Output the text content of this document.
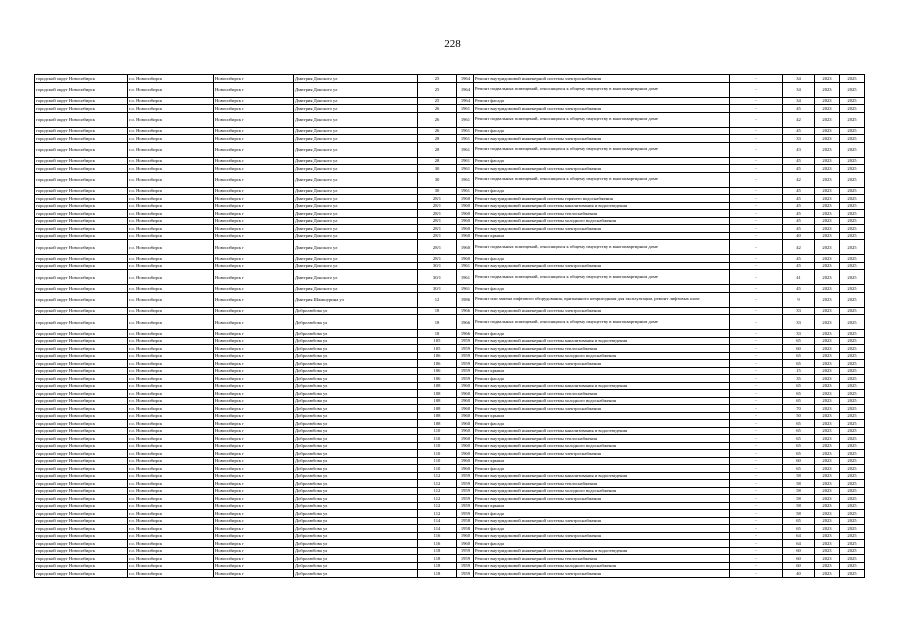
228
городской округ Новосибирск	г.о. Новосибирск	Новосибирск г	Дмитрия Донского ул	25	1964	Ремонт внутридомовой инженерной системы электроснабжения	-	34	2023	2025
городской округ Новосибирск	г.о. Новосибирск	Новосибирск г	Дмитрия Донского ул	25	1964	Ремонт подвальных помещений, относящихся к общему имуществу в многоквартирном доме	-	34	2023	2025
городской округ Новосибирск	г.о. Новосибирск	Новосибирск г	Дмитрия Донского ул	25	1964	Ремонт фасада	-	34	2023	2025
городской округ Новосибирск	г.о. Новосибирск	Новосибирск г	Дмитрия Донского ул	26	1961	Ремонт внутридомовой инженерной системы электроснабжения	-	45	2023	2025
городской округ Новосибирск	г.о. Новосибирск	Новосибирск г	Дмитрия Донского ул	26	1961	Ремонт подвальных помещений, относящихся к общему имуществу в многоквартирном доме	-	42	2023	2025
городской округ Новосибирск	г.о. Новосибирск	Новосибирск г	Дмитрия Донского ул	26	1961	Ремонт фасада	-	45	2023	2025
городской округ Новосибирск	г.о. Новосибирск	Новосибирск г	Дмитрия Донского ул	28	1961	Ремонт внутридомовой инженерной системы электроснабжения	-	33	2023	2025
городской округ Новосибирск	г.о. Новосибирск	Новосибирск г	Дмитрия Донского ул	28	1961	Ремонт подвальных помещений, относящихся к общему имуществу в многоквартирном доме	-	43	2023	2025
городской округ Новосибирск	г.о. Новосибирск	Новосибирск г	Дмитрия Донского ул	28	1961	Ремонт фасада	-	45	2023	2025
городской округ Новосибирск	г.о. Новосибирск	Новосибирск г	Дмитрия Донского ул	30	1961	Ремонт внутридомовой инженерной системы электроснабжения	-	45	2023	2025
городской округ Новосибирск	г.о. Новосибирск	Новосибирск г	Дмитрия Донского ул	30	1961	Ремонт подвальных помещений, относящихся к общему имуществу в многоквартирном доме	-	42	2023	2025
городской округ Новосибирск	г.о. Новосибирск	Новосибирск г	Дмитрия Донского ул	30	1961	Ремонт фасада	-	45	2023	2025
городской округ Новосибирск	г.о. Новосибирск	Новосибирск г	Дмитрия Донского ул	28/1	1960	Ремонт внутридомовой инженерной системы горячего водоснабжения	-	45	2023	2025
городской округ Новосибирск	г.о. Новосибирск	Новосибирск г	Дмитрия Донского ул	28/1	1960	Ремонт внутридомовой инженерной системы канализования и водоотведения	-	45	2023	2025
городской округ Новосибирск	г.о. Новосибирск	Новосибирск г	Дмитрия Донского ул	28/1	1960	Ремонт внутридомовой инженерной системы теплоснабжения	-	45	2023	2025
городской округ Новосибирск	г.о. Новосибирск	Новосибирск г	Дмитрия Донского ул	28/1	1960	Ремонт внутридомовой инженерной системы холодного водоснабжения	-	45	2023	2025
городской округ Новосибирск	г.о. Новосибирск	Новосибирск г	Дмитрия Донского ул	28/1	1960	Ремонт внутридомовой инженерной системы электроснабжения	-	45	2023	2025
городской округ Новосибирск	г.о. Новосибирск	Новосибирск г	Дмитрия Донского ул	28/1	1960	Ремонт крыши	-	40	2023	2025
городской округ Новосибирск	г.о. Новосибирск	Новосибирск г	Дмитрия Донского ул	28/1	1960	Ремонт подвальных помещений, относящихся к общему имуществу в многоквартирном доме	-	42	2023	2025
городской округ Новосибирск	г.о. Новосибирск	Новосибирск г	Дмитрия Донского ул	28/1	1960	Ремонт фасада	-	45	2023	2025
городской округ Новосибирск	г.о. Новосибирск	Новосибирск г	Дмитрия Донского ул	30/1	1961	Ремонт внутридомовой инженерной системы электроснабжения	-	45	2023	2025
городской округ Новосибирск	г.о. Новосибирск	Новосибирск г	Дмитрия Донского ул	30/1	1961	Ремонт подвальных помещений, относящихся к общему имуществу в многоквартирном доме	-	41	2023	2025
городской округ Новосибирск	г.о. Новосибирск	Новосибирск г	Дмитрия Донского ул	30/1	1961	Ремонт фасада	-	45	2023	2025
городской округ Новосибирск	г.о. Новосибирск	Новосибирск г	Дмитрия Шамшурина ул	12	1986	Ремонт или замена лифтового оборудования, признанного непригодным для эксплуатации, ремонт лифтовых шахт	-	9	2023	2025
городской округ Новосибирск	г.о. Новосибирск	Новосибирск г	Добролюбова ул	18	1966	Ремонт внутридомовой инженерной системы электроснабжения	-	33	2023	2025
городской округ Новосибирск	г.о. Новосибирск	Новосибирск г	Добролюбова ул	18	1966	Ремонт подвальных помещений, относящихся к общему имуществу в многоквартирном доме	-	33	2023	2025
городской округ Новосибирск	г.о. Новосибирск	Новосибирск г	Добролюбова ул	18	1966	Ремонт фасада	-	33	2023	2025
городской округ Новосибирск	г.о. Новосибирск	Новосибирск г	Добролюбова ул	105	1959	Ремонт внутридомовой инженерной системы канализования и водоотведения	-	65	2023	2025
городской округ Новосибирск	г.о. Новосибирск	Новосибирск г	Добролюбова ул	105	1959	Ремонт внутридомовой инженерной системы теплоснабжения	-	60	2023	2025
городской округ Новосибирск	г.о. Новосибирск	Новосибирск г	Добролюбова ул	106	1959	Ремонт внутридомовой инженерной системы холодного водоснабжения	-	65	2023	2025
городской округ Новосибирск	г.о. Новосибирск	Новосибирск г	Добролюбова ул	106	1959	Ремонт внутридомовой инженерной системы электроснабжения	-	65	2023	2025
городской округ Новосибирск	г.о. Новосибирск	Новосибирск г	Добролюбова ул	106	1959	Ремонт крыши	-	15	2023	2025
городской округ Новосибирск	г.о. Новосибирск	Новосибирск г	Добролюбова ул	106	1959	Ремонт фасада	-	35	2023	2025
городской округ Новосибирск	г.о. Новосибирск	Новосибирск г	Добролюбова ул	108	1960	Ремонт внутридомовой инженерной системы канализования и водоотведения	-	65	2023	2025
городской округ Новосибирск	г.о. Новосибирск	Новосибирск г	Добролюбова ул	108	1960	Ремонт внутридомовой инженерной системы теплоснабжения	-	65	2023	2025
городской округ Новосибирск	г.о. Новосибирск	Новосибирск г	Добролюбова ул	108	1960	Ремонт внутридомовой инженерной системы холодного водоснабжения	-	65	2023	2025
городской округ Новосибирск	г.о. Новосибирск	Новосибирск г	Добролюбова ул	108	1960	Ремонт внутридомовой инженерной системы электроснабжения	-	70	2023	2025
городской округ Новосибирск	г.о. Новосибирск	Новосибирск г	Добролюбова ул	108	1960	Ремонт крыши	-	50	2023	2025
городской округ Новосибирск	г.о. Новосибирск	Новосибирск г	Добролюбова ул	108	1960	Ремонт фасада	-	65	2023	2025
городской округ Новосибирск	г.о. Новосибирск	Новосибирск г	Добролюбова ул	110	1960	Ремонт внутридомовой инженерной системы канализования и водоотведения	-	65	2023	2025
городской округ Новосибирск	г.о. Новосибирск	Новосибирск г	Добролюбова ул	110	1960	Ремонт внутридомовой инженерной системы теплоснабжения	-	65	2023	2025
городской округ Новосибирск	г.о. Новосибирск	Новосибирск г	Добролюбова ул	110	1960	Ремонт внутридомовой инженерной системы холодного водоснабжения	-	65	2023	2025
городской округ Новосибирск	г.о. Новосибирск	Новосибирск г	Добролюбова ул	110	1960	Ремонт внутридомовой инженерной системы электроснабжения	-	65	2023	2025
городской округ Новосибирск	г.о. Новосибирск	Новосибирск г	Добролюбова ул	110	1960	Ремонт крыши	-	60	2023	2025
городской округ Новосибирск	г.о. Новосибирск	Новосибирск г	Добролюбова ул	110	1960	Ремонт фасада	-	65	2023	2025
городской округ Новосибирск	г.о. Новосибирск	Новосибирск г	Добролюбова ул	112	1959	Ремонт внутридомовой инженерной системы канализования и водоотведения	-	58	2023	2025
городской округ Новосибирск	г.о. Новосибирск	Новосибирск г	Добролюбова ул	112	1959	Ремонт внутридомовой инженерной системы теплоснабжения	-	58	2023	2025
городской округ Новосибирск	г.о. Новосибирск	Новосибирск г	Добролюбова ул	112	1959	Ремонт внутридомовой инженерной системы холодного водоснабжения	-	58	2023	2025
городской округ Новосибирск	г.о. Новосибирск	Новосибирск г	Добролюбова ул	112	1959	Ремонт внутридомовой инженерной системы электроснабжения	-	58	2023	2025
городской округ Новосибирск	г.о. Новосибирск	Новосибирск г	Добролюбова ул	112	1959	Ремонт крыши	-	58	2023	2025
городской округ Новосибирск	г.о. Новосибирск	Новосибирск г	Добролюбова ул	112	1959	Ремонт фасада	-	58	2023	2025
городской округ Новосибирск	г.о. Новосибирск	Новосибирск г	Добролюбова ул	114	1958	Ремонт внутридомовой инженерной системы электроснабжения	-	65	2023	2025
городской округ Новосибирск	г.о. Новосибирск	Новосибирск г	Добролюбова ул	114	1958	Ремонт фасада	-	65	2023	2025
городской округ Новосибирск	г.о. Новосибирск	Новосибирск г	Добролюбова ул	116	1960	Ремонт внутридомовой инженерной системы электроснабжения	-	64	2023	2025
городской округ Новосибирск	г.о. Новосибирск	Новосибирск г	Добролюбова ул	116	1960	Ремонт фасада	-	64	2023	2025
городской округ Новосибирск	г.о. Новосибирск	Новосибирск г	Добролюбова ул	118	1959	Ремонт внутридомовой инженерной системы канализования и водоотведения	-	60	2023	2025
городской округ Новосибирск	г.о. Новосибирск	Новосибирск г	Добролюбова ул	118	1959	Ремонт внутридомовой инженерной системы теплоснабжения	-	60	2023	2025
городской округ Новосибирск	г.о. Новосибирск	Новосибирск г	Добролюбова ул	118	1959	Ремонт внутридомовой инженерной системы холодного водоснабжения	-	60	2023	2025
городской округ Новосибирск	г.о. Новосибирск	Новосибирск г	Добролюбова ул	118	1959	Ремонт внутридомовой инженерной системы электроснабжения	-	40	2023	2025
